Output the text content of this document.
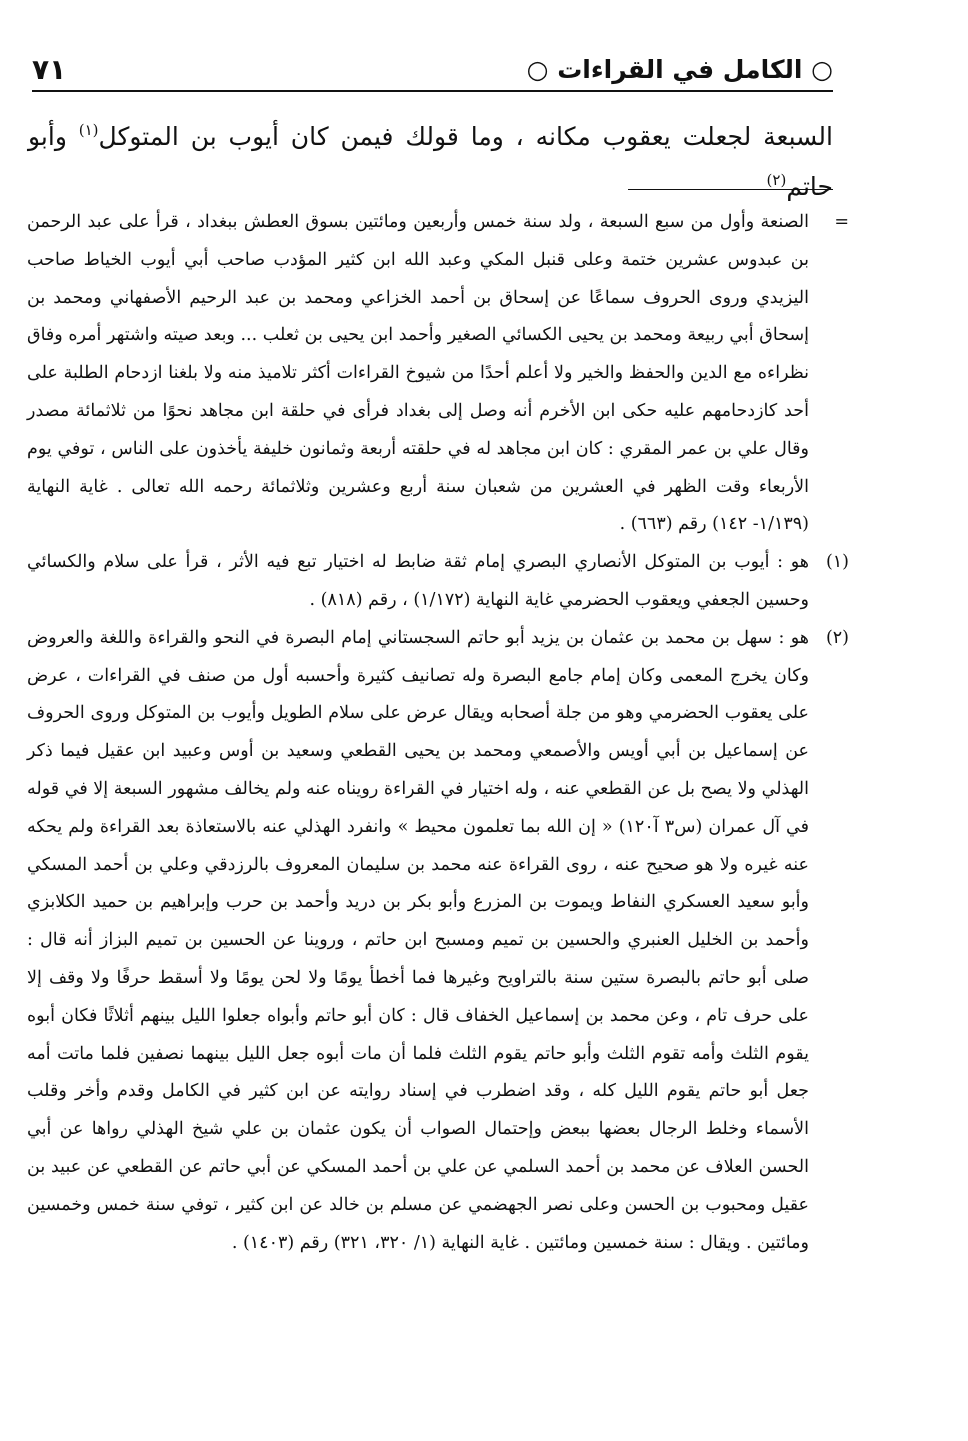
○ الكامل في القراءات ○
٧١
السبعة لجعلت يعقوب مكانه ، وما قولك فيمن كان أيوب بن المتوكل$^{(١)}$ وأبو حاتم$^{(٢)}$
=
الصنعة وأول من سبع السبعة ، ولد سنة خمس وأربعين ومائتين بسوق العطش ببغداد ، قرأ على عبد الرحمن بن عبدوس عشرين ختمة وعلى قنبل المكي وعبد الله ابن كثير المؤدب صاحب أبي أيوب الخياط صاحب اليزيدي وروى الحروف سماعًا عن إسحاق بن أحمد الخزاعي ومحمد بن عبد الرحيم الأصفهاني ومحمد بن إسحاق أبي ربيعة ومحمد بن يحيى الكسائي الصغير وأحمد ابن يحيى بن ثعلب ... وبعد صيته واشتهر أمره وفاق نظراءه مع الدين والحفظ والخير ولا أعلم أحدًا من شيوخ القراءات أكثر تلاميذ منه ولا بلغنا ازدحام الطلبة على أحد كازدحامهم عليه حكى ابن الأخرم أنه وصل إلى بغداد فرأى في حلقة ابن مجاهد نحوًا من ثلاثمائة مصدر وقال علي بن عمر المقري : كان ابن مجاهد له في حلقته أربعة وثمانون خليفة يأخذون على الناس ، توفي يوم الأربعاء وقت الظهر في العشرين من شعبان سنة أربع وعشرين وثلاثمائة رحمه الله تعالى . غاية النهاية (١/١٣٩- ١٤٢) رقم (٦٦٣) .
(١)
هو : أيوب بن المتوكل الأنصاري البصري إمام ثقة ضابط له اختيار تبع فيه الأثر ، قرأ على سلام والكسائي وحسين الجعفي ويعقوب الحضرمي غاية النهاية (١/١٧٢) ، رقم (٨١٨) .
(٢)
هو : سهل بن محمد بن عثمان بن يزيد أبو حاتم السجستاني إمام البصرة في النحو والقراءة واللغة والعروض وكان يخرج المعمى وكان إمام جامع البصرة وله تصانيف كثيرة وأحسبه أول من صنف في القراءات ، عرض على يعقوب الحضرمي وهو من جلة أصحابه ويقال عرض على سلام الطويل وأيوب بن المتوكل وروى الحروف عن إسماعيل بن أبي أويس والأصمعي ومحمد بن يحيى القطعي وسعيد بن أوس وعبيد ابن عقيل فيما ذكر الهذلي ولا يصح بل عن القطعي عنه ، وله اختيار في القراءة رويناه عنه ولم يخالف مشهور السبعة إلا في قوله في آل عمران (س٣ آ١٢٠) « إن الله بما تعلمون محيط » وانفرد الهذلي عنه بالاستعاذة بعد القراءة ولم يحكه عنه غيره ولا هو صحيح عنه ، روى القراءة عنه محمد بن سليمان المعروف بالرزدقي وعلي بن أحمد المسكي وأبو سعيد العسكري النفاط ويموت بن المزرع وأبو بكر بن دريد وأحمد بن حرب وإبراهيم بن حميد الكلابزي وأحمد بن الخليل العنبري والحسين بن تميم ومسبح ابن حاتم ، وروينا عن الحسين بن تميم البزاز أنه قال : صلى أبو حاتم بالبصرة ستين سنة بالتراويح وغيرها فما أخطأ يومًا ولا لحن يومًا ولا أسقط حرفًا ولا وقف إلا على حرف تام ، وعن محمد بن إسماعيل الخفاف قال : كان أبو حاتم وأبواه جعلوا الليل بينهم أثلاثًا فكان أبوه يقوم الثلث وأمه تقوم الثلث وأبو حاتم يقوم الثلث فلما أن مات أبوه جعل الليل بينهما نصفين فلما ماتت أمه جعل أبو حاتم يقوم الليل كله ، وقد اضطرب في إسناد روايته عن ابن كثير في الكامل وقدم وأخر وقلب الأسماء وخلط الرجال بعضها ببعض وإحتمال الصواب أن يكون عثمان بن علي شيخ الهذلي رواها عن أبي الحسن العلاف عن محمد بن أحمد السلمي عن علي بن أحمد المسكي عن أبي حاتم عن القطعي عن عبيد بن عقيل ومحبوب بن الحسن وعلى نصر الجهضمي عن مسلم بن خالد عن ابن كثير ، توفي سنة خمس وخمسين ومائتين . ويقال : سنة خمسين ومائتين . غاية النهاية (١/ ٣٢٠، ٣٢١) رقم (١٤٠٣) .
